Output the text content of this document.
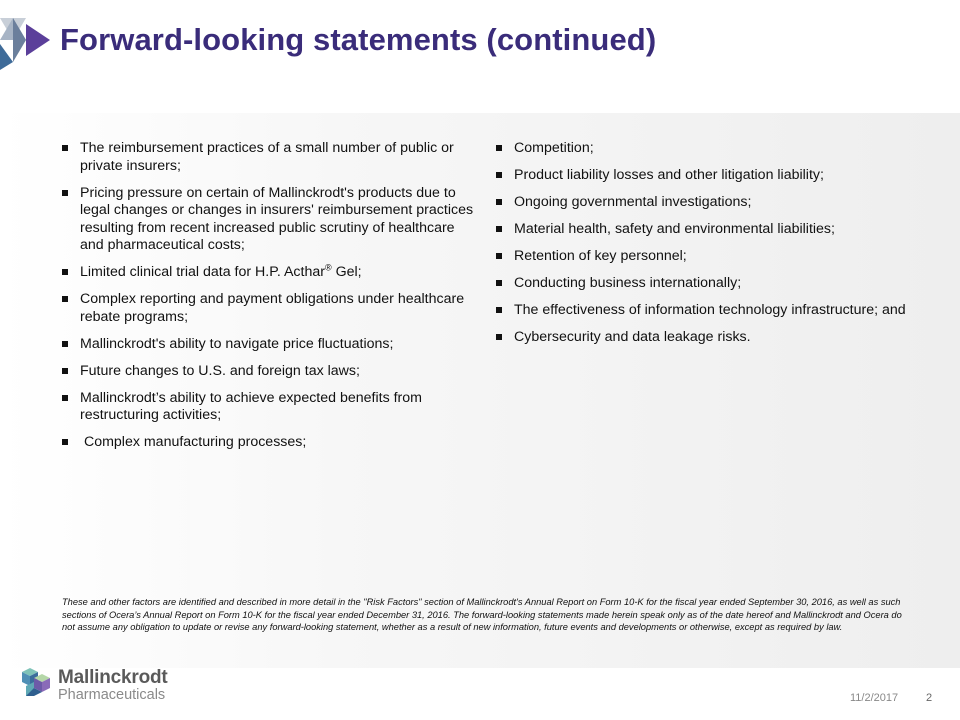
Forward-looking statements (continued)
The reimbursement practices of a small number of public or private insurers;
Pricing pressure on certain of Mallinckrodt's products due to legal changes or changes in insurers' reimbursement practices resulting from recent increased public scrutiny of healthcare and pharmaceutical costs;
Limited clinical trial data for H.P. Acthar® Gel;
Complex reporting and payment obligations under healthcare rebate programs;
Mallinckrodt's ability to navigate price fluctuations;
Future changes to U.S. and foreign tax laws;
Mallinckrodt’s ability to achieve expected benefits from restructuring activities;
Complex manufacturing processes;
Competition;
Product liability losses and other litigation liability;
Ongoing governmental investigations;
Material health, safety and environmental liabilities;
Retention of key personnel;
Conducting business internationally;
The effectiveness of information technology infrastructure; and
Cybersecurity and data leakage risks.

These and other factors are identified and described in more detail in the "Risk Factors" section of Mallinckrodt's Annual Report on Form 10-K for the fiscal year ended September 30, 2016, as well as such sections of Ocera’s Annual Report on Form 10-K for the fiscal year ended December 31, 2016. The forward-looking statements made herein speak only as of the date hereof and Mallinckrodt and Ocera do not assume any obligation to update or revise any forward-looking statement, whether as a result of new information, future events and developments or otherwise, except as required by law.

Mallinckrodt
Pharmaceuticals	11/2/2017	2
